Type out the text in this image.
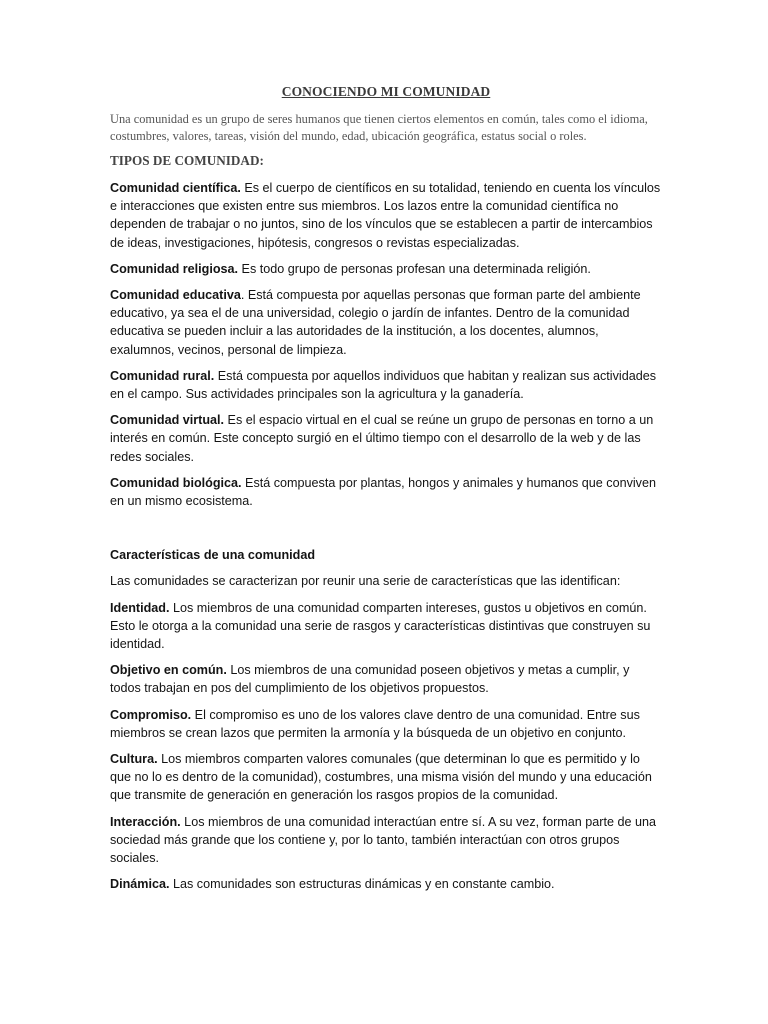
CONOCIENDO MI COMUNIDAD

Una comunidad es un grupo de seres humanos que tienen ciertos elementos en común, tales como el idioma, costumbres, valores, tareas, visión del mundo, edad, ubicación geográfica, estatus social o roles.

TIPOS DE COMUNIDAD:

Comunidad científica. Es el cuerpo de científicos en su totalidad, teniendo en cuenta los vínculos e interacciones que existen entre sus miembros. Los lazos entre la comunidad científica no dependen de trabajar o no juntos, sino de los vínculos que se establecen a partir de intercambios de ideas, investigaciones, hipótesis, congresos o revistas especializadas.

Comunidad religiosa. Es todo grupo de personas profesan una determinada religión.

Comunidad educativa. Está compuesta por aquellas personas que forman parte del ambiente educativo, ya sea el de una universidad, colegio o jardín de infantes. Dentro de la comunidad educativa se pueden incluir a las autoridades de la institución, a los docentes, alumnos, exalumnos, vecinos, personal de limpieza.

Comunidad rural. Está compuesta por aquellos individuos que habitan y realizan sus actividades en el campo. Sus actividades principales son la agricultura y la ganadería.

Comunidad virtual. Es el espacio virtual en el cual se reúne un grupo de personas en torno a un interés en común. Este concepto surgió en el último tiempo con el desarrollo de la web y de las redes sociales.

Comunidad biológica. Está compuesta por plantas, hongos y animales y humanos que conviven en un mismo ecosistema.

Características de una comunidad

Las comunidades se caracterizan por reunir una serie de características que las identifican:

Identidad. Los miembros de una comunidad comparten intereses, gustos u objetivos en común. Esto le otorga a la comunidad una serie de rasgos y características distintivas que construyen su identidad.

Objetivo en común. Los miembros de una comunidad poseen objetivos y metas a cumplir, y todos trabajan en pos del cumplimiento de los objetivos propuestos.

Compromiso. El compromiso es uno de los valores clave dentro de una comunidad. Entre sus miembros se crean lazos que permiten la armonía y la búsqueda de un objetivo en conjunto.

Cultura. Los miembros comparten valores comunales (que determinan lo que es permitido y lo que no lo es dentro de la comunidad), costumbres, una misma visión del mundo y una educación que transmite de generación en generación los rasgos propios de la comunidad.

Interacción. Los miembros de una comunidad interactúan entre sí. A su vez, forman parte de una sociedad más grande que los contiene y, por lo tanto, también interactúan con otros grupos sociales.

Dinámica. Las comunidades son estructuras dinámicas y en constante cambio.
